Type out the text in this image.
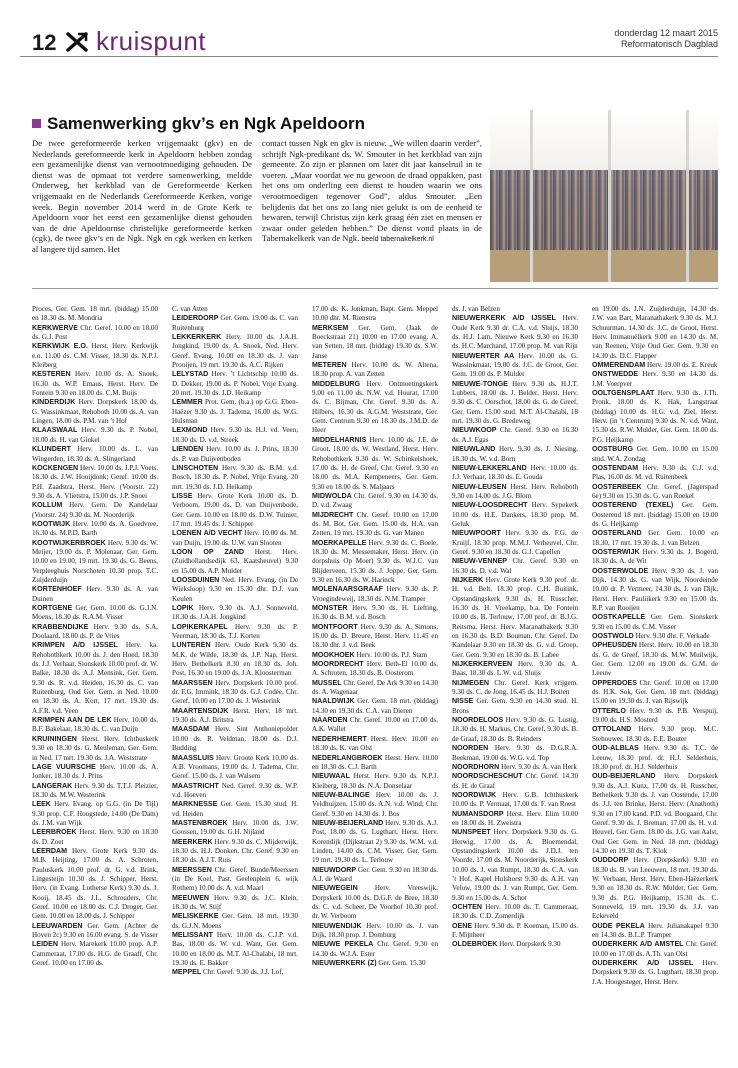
12 kruispunt	donderdag 12 maart 2015
Reformatorisch Dagblad
Samenwerking gkv’s en Ngk Apeldoorn
De twee gereformeerde kerken vrijgemaakt (gkv) en de Nederlands gereformeerde kerk in Apeldoorn hebben zondag een gezamenlijke dienst van vernootmoediging gehouden. De dienst was de opmaat tot verdere samenwerking, meldde Onderweg, het kerkblad van de Gereformeerde Kerken vrijgemaakt en de Nederlands Gereformeerde Kerken, vorige week. Begin november 2014 werd in de Grote Kerk te Apeldoorn voor het eerst een gezamenlijke dienst gehouden van de drie Apeldoornse christelijke gereformeerde kerken (cgk), de twee gkv’s en de Ngk. Ngk en cgk werken en kerken al langere tijd samen. Het
contact tussen Ngk en gkv is nieuw. „We willen daarin verder”, schrijft Ngk-predikant ds. W. Smouter in het kerkblad van zijn gemeente. Zo zijn er plannen om later dit jaar kanselruil in te voeren. „Maar voordat we nu gewoon de draad oppakken, past het ons om onderling een dienst te houden waarin we ons verootmoedigen tegenover God”, aldus Smouter. „Een belijdenis dat het ons zo lang niet gelukt is om de eenheid te bewaren, terwijl Christus zijn kerk graag één ziet en mensen er zwaar onder geleden hebben.” De dienst vond plaats in de Tabernakelkerk van de Ngk. beeld tabernakelkerk.nl

Proces, Ger. Gem. 18 mrt. (biddag) 15.00 en 18.30 ds. M. Mondria

KERKWERVE Chr. Geref. 10.00 en 18.00 ds. G.J. Post

KERKWIJK E.O. Herst. Herv. Kerkwijk e.o. 11.00 ds. C.M. Visser, 18.30 ds. N.P.J. Kleiberg

KESTEREN Herv. 10.00 ds. A. Snoek, 16.30 ds. W.P. Emaus, Herst. Herv. De Fontein 9.30 en 18.00 ds. C.M. Buijs

KINDERDIJK Herv. Dorpskerk 18.00 ds. G. Wassinkmaat, Rehoboth 10.00 ds. A. van Lingen, 18.00 ds. P.M. van ’t Hof

KLAASWAAL Herv. 9.30 ds. P. Nobel, 18.00 ds. H. van Ginkel

KLUNDERT Herv. 10.00 ds. L. van Wingerden, 18.30 ds. A. Slingerland

KOCKENGEN Herv. 10.00 ds. J.P.J. Voets, 18.30 ds. J.W. Hooijdonk; Geref. 10.00 ds. P.H. Zaadstra, Herst. Herv. (Voorstr. 22) 9.30 ds. A. Vlietstra, 15.00 ds. J.P. Snoei

KOLLUM Herv. Gem. De Kandelaar (Voorstr. 24) 9.30 ds. M. Noorderijk

KOOTWIJK Herv. 10.00 ds. A. Goedvree, 16.30 ds. M.P.D. Barth

KOOTWIJKERBROEK Herv. 9.30 ds. W. Meijer, 19.00 ds. P. Molenaar, Ger. Gem. 10.00 en 19.00, 19 mrt. 19.30 ds. G. Beens, Verpleeghuis Norschoten 10.30 prop. T.C. Zuijderduijn

KORTENHOEF Herv. 9.30 ds. A. van Duinen

KORTGENE Ger. Gem. 10.00 ds. G.J.N. Moens, 18.30 ds. R.A.M. Visser

KRABBENDIJKE Herv. 9.30 ds. S.A. Doolaard, 18.00 ds. P. de Vries

KRIMPEN A/D IJSSEL Herv. ka. Rehobothkerk 10.00 ds. J. den Hoed, 18.30 ds. J.J. Verhaar, Sionskerk 10.00 prof. dr. W. Balke, 18.30 ds. A.J. Mensink, Ger. Gem. 9.30 ds. R. v.d. Heiden, 16.30 ds. C. van Ruitenburg, Oud Ger. Gem. in Ned. 10.00 en 18.30 ds. A. Kort, 17 mrt. 19.30 ds. A.F.R. v.d. Veen

KRIMPEN AAN DE LEK Herv. 10.00 ds. B.F. Bakelaar, 18.30 ds. C. van Duijn

KRUININGEN Herst. Herv. Ichthuskerk 9.30 en 18.30 ds. G. Meuleman, Ger. Gem. in Ned. 17 mrt. 19.30 ds. J.A. Weststrate

LAGE VUURSCHE Herv. 10.00 ds. A. Jonker, 18.30 ds. J. Prins

LANGERAK Herv. 9.30 ds. T.T.J. Pleizier, 18.30 ds. M.W. Westerink

LEEK Herv. Evang. op G.G. (in De Tijl) 9.30 prop. C.F. Hoogstede, 14.00 (De Dam) ds. J.M. van Wijk

LEERBROEK Herst. Herv. 9.30 en 18.30 ds. D. Zoet

LEERDAM Herv. Grote Kerk 9.30 ds. M.B. Heijting, 17.00 ds. A. Schroten, Pauluskerk 10.00 prof. dr. G. v.d. Brink, Lingesteijn 10.30 ds. J. Schipper, Herst. Herv. (in Evang. Lutherse Kerk) 9.30 ds. J. Kooij, 18.45 ds. J.L. Schreuders, Chr. Geref. 10.00 en 18.00 ds. C.J. Droger, Ger. Gem. 10.00 en 18.00 ds. J. Schipper

LEEUWARDEN Ger. Gem. (Achter de Hoven 2c) 9.30 en 16.00 evang. S. de Visser

LEIDEN Herv. Marekerk 10.00 prop. A.P. Cammeraat, 17.00 ds. H.G. de Graaff, Chr. Geref. 10.00 en 17.00 ds.

C. van Atten

LEIDERDORP Ger. Gem. 19.00 ds. C. van Ruitenburg

LEKKERKERK Herv. 10.00 ds. J.A.H. Jongkind, 19.00 ds. A. Snoek, Ned. Herv. Geref. Evang. 10.00 en 18.30 ds. J. van Prooijen, 19 mrt. 19.30 ds. A.C. Rijken

LELYSTAD Herv. ’t Lichtschip 10.00 ds. D. Dekker, 19.00 ds. P. Nobel, Vrije Evang. 20 mrt. 19.30 ds. J.D. Heikamp

LEMMER Prot. Gem. (b.a.) op G.G. Eben-Haëzer 9.30 ds. J. Tadema, 16.00 ds. W.G. Hulsman

LEXMOND Herv. 9.30 ds. H.J. vd. Veen, 18.30 ds. D. v.d. Streek

LIENDEN Herv. 10.00 ds. J. Prins, 18.30 ds. P. van Duijvenboden

LINSCHOTEN Herv. 9.30 ds. B.M. v.d. Bosch, 18.30 ds. P. Nobel, Vrije Evang. 20 mrt. 19.30 ds. J.D. Heikamp

LISSE Herv. Grote Kerk 10.00 ds. D. Verboom, 19.00 ds. D. van Duijvenbode, Ger. Gem. 10.00 en 18.00 ds. D.W. Tuinier, 17 mrt. 19.45 ds. J. Schipper

LOENEN A/D VECHT Herv. 10.00 ds. M. van Duijn, 19.00 ds. U.W. van Slooten

LOON OP ZAND Herst. Herv. (Zuidhollandsedijk 63, Kaatsheuvel) 9.30 en 15.00 ds. A.P. Mulder

LOOSDUINEN Ned. Herv. Evang. (in De Wieksloop) 9.30 en 15.30 dhr. D.J. van Keulen

LOPIK Herv. 9.30 ds. A.J. Sonneveld, 18.30 ds. J.A.H. Jongkind

LOPIKERKAPEL Herv. 9.30 ds. P. Veerman, 18.30 ds. T.J. Korten

LUNTEREN Herv. Oude Kerk 9.30 ds. M.K. de Wilde, 18.30 ds. J.P. Nap, Herst. Herv. Bethelkerk 8.30 en 18.30 ds. Joh. Post, 16.30 en 19.00 ds. J.A. Kloosterman

MAARSSEN Herv. Dorpskerk 10.00 prof. dr. F.G. Immink, 18.30 ds. G.J. Codée, Chr. Geref. 10.00 en 17.00 ds. J. Westerink

MAARTENSDIJK Herst. Herv. 18 mrt. 19.30 ds. A.J. Britstra

MAASDAM Herv. Sint Anthoniepolder 10.00 ds. R. Veldman, 18.00 ds. D.J. Budding

MAASSLUIS Herv. Groote Kerk 10.00 ds. A.B. Vroomans, 19.00 ds. J. Tadema, Chr. Geref. 15.00 ds. J. van Walsem

MAASTRICHT Ned. Geref. 9.30 ds. W.P. v.d. Hoeven

MARKNESSE Ger. Gem. 15.30 stud. H. vd. Heiden

MASTENBROEK Herv. 10.00 ds. J.W. Goossen, 19.00 ds. G.H. Nijland

MEERKERK Herv. 9.30 ds. C. Mijderwijk, 18.30 ds. H.J. Donken, Chr. Geref. 9.30 en 18.30 ds. A.J.T. Ruis

MEERSSEN Chr. Geref. Bunde/Meerssen (in De Koel, Past. Geelenplein 6, wijk Rothem) 10.00 ds. A. v.d. Maarl

MEEUWEN Herv. 9.30 ds. J.C. Klein, 18.30 ds. W. Stijf

MELISKERKE Ger. Gem. 18 mrt. 19.30 ds. G.J.N. Moens

MELISSANT Herv. 10.00 ds. C.J.P. v.d. Bas, 18.00 ds. W. v.d. Want, Ger. Gem. 10.00 en 18.00 ds. M.T. Al-Chalabi, 18 mrt. 19.30 ds. E. Bakker

MEPPEL Chr. Geref. 9.30 ds. J.J. Lof,

17.00 ds. K. Jonkman, Bapt. Gem. Meppel 10.00 dhr. M. Rienstra

MERKSEM Ger. Gem. (Jaak de Boeckstraat 21) 10.00 en 17.00 evang. A. van Setten, 18 mrt. (biddag) 19.30 ds. S.W. Janse

METEREN Herv. 10.00 ds. W. Altena, 18.30 prop. A. van Zetten

MIDDELBURG Herv. Ontmoetingskerk 9.00 en 11.00 ds. N.W. v.d. Hourat, 17.00 ds. C. Bijman, Chr. Geref. 9.30 ds. A. Hilbers, 16.30 ds. A.G.M. Weststrate, Ger. Gem. Centrum 9.30 en 18.30 ds. J.M.D. de Heer

MIDDELHARNIS Herv. 10.00 ds. J.E. de Groot, 18.00 ds. W. Westland, Herst. Herv. Rehobothkerk 9.30 ds. W. Schinkelshoek, 17.00 ds. H. de Greef, Chr. Geref. 9.30 en 18.00 ds. M.A. Kempeneers, Ger. Gem. 9.30 en 18.00 ds. S. Maljaars

MIDWOLDA Chr. Geref. 9.30 en 14.30 ds. D. v.d. Zwaag

MIJDRECHT Chr. Geref. 10.00 en 17.00 ds. M. Bot, Ger. Gem. 15.00 ds. H.A. van Zetten, 19 mrt. 19.30 ds. G. van Manen

MOERKAPELLE Herv. 9.30 ds. C. Boele, 18.30 ds. M. Messemaker, Herst. Herv. (in dorpshuis Op Moer) 9.30 ds. W.J.C. van Blijderveen, 15.30 ds. J. Joppe, Ger. Gem. 9.30 en 16.30 ds. W. Harinck

MOLENAARSGRAAF Herv. 9.30 ds. P. Vroegindeweij, 18.30 ds. N.M. Tramper

MONSTER Herv. 9.30 ds. H. Liefting, 16.30 ds. B.M. v.d. Bosch

MONTFOORT Herv. 9.30 ds. A. Simons, 16.00 ds. D. Breure, Herst. Herv. 11.45 en 18.30 dhr. J. v.d. Beek

MOOKHOEK Herv. 10.00 ds. P.J. Stam

MOORDRECHT Herv. Beth-El 10.00 ds. A. Schroten, 18.30 ds. B. Oosterom

MUSSEL Chr. Geref. De Ark 9.30 en 14.30 ds. A. Wagenaar

NAALDWIJK Ger. Gem. 18 mrt. (biddag) 14.30 en 19.30 ds. C.A. van Dieren

NAARDEN Chr. Geref. 10.00 en 17.00 ds. A.K. Wallet

NEDERHEMERT Herst. Herv. 10.00 en 18.30 ds. K. van Olst

NEDERLANGBROEK Herst. Herv. 10.00 en 18.30 ds. C.J. Barth

NIEUWAAL Herst. Herv. 9.30 ds. N.P.J. Kleiberg, 18.30 ds. N.A. Donselaar

NIEUW-BALINGE Herv. 10.00 ds. J. Veldhuijzen, 15.00 ds. A.N. v.d. Wind, Chr. Geref. 9.30 en 14.30 ds. J. Bos

NIEUW-BEIJERLAND Herv. 9.30 ds. A.J. Post, 18.00 ds. G. Lugthart, Herst. Herv. Korendijk (Dijkstraat 2) 9.30 ds. W.M. v.d. Linden, 14.00 ds. C.M. Visser, Ger. Gem. 19 mrt. 19.30 ds. L. Terlouw

NIEUWDORP Ger. Gem. 9.30 en 18.30 ds. A.J. de Waard

NIEUWEGEIN Herv. Vreeswijk, Dorpskerk 10.00 ds. D.G.F. de Bree, 18.30 ds. C. v.d. Scheer, De Voorhof 10.30 prof. dr. W. Verboom

NIEUWENDIJK Herv. 10.00 ds. J. van Dijk, 18.30 prop. J. Domburg

NIEUWE PEKELA Chr. Geref. 9.30 en 14.30 ds. W.J.A. Ester

NIEUWERKERK (Z) Ger. Gem. 15.30

ds. J. van Belzen

NIEUWERKERK A/D IJSSEL Herv. Oude Kerk 9.30 dr. C.A. v.d. Sluijs, 18.30 ds. H.J. Lam, Nieuwe Kerk 9.30 en 16.30 ds. H.C. Marchand, 17.00 prop. M. van Rijn

NIEUWERTER AA Herv. 10.00 ds. G. Wassinkmaat, 19.00 ds. J.C. de Groot, Ger. Gem. 19.00 ds. P. Mulder

NIEUWE-TONGE Herv. 9.30 ds. H.J.T. Lubbers, 18.00 ds. J. Belder, Herst. Herv. 9.30 ds. C. Oorschot, 18.00 ds. G. de Greef, Ger. Gem. 15.00 stud. M.T. Al-Chalabi, 18 mrt. 19.30 ds. G. Bredeweg

NIEUWKOOP Chr. Geref. 9.30 en 16.30 ds. A.J. Egas

NIEUWLAND Herv. 9.30 ds. J. Niesing, 18.30 ds. W. v.d. Born

NIEUW-LEKKERLAND Herv. 10.00 ds. J.J. Verhaar, 18.30 ds. E. Gouda

NIEUW-LEUSEN Herst. Herv. Rehoboth 9.30 en 14.00 ds. J.G. Blom

NIEUW-LOOSDRECHT Herv. Sypekerk 10.00 ds. H.E. Dankers, 18.30 prop. M. Geluk

NIEUWPOORT Herv. 9.30 ds. F.G. de Kruijf, 18.30 prop. M.M.J. Verheuvel, Chr. Geref. 9.30 en 18.30 ds. G.J. Capellen

NIEUW-VENNEP Chr. Geref. 9.30 en 16.30 ds. D. v.d. Wal

NIJKERK Herv. Grote Kerk 9.30 prof. dr. H. v.d. Belt, 18.30 prop. C.H. Buitink, Opstandingskerk 9.30 ds. H. Russcher, 16.30 ds. H. Vreekamp, b.a. De Fontein 10.00 ds. B. Terlouw, 17.00 prof. dr. B.J.G. Reitsma, Herst. Herv. Maranathakerk 9.30 en 16.30 ds. B.D. Bouman, Chr. Geref. De Kandelaar 9.30 en 18.30 ds. G. v.d. Groep, Ger. Gem. 9.30 en 18.30 ds. B. Labee

NIJKERKERVEEN Herv. 9.30 ds. A. Baas, 18.30 ds. L.W. v.d. Sluijs

NIJMEGEN Chr. Geref. Kerk vrijgem. 9.30 ds. C. de Jong, 16.45 ds. H.J. Boiten

NISSE Ger. Gem. 9.30 en 14.30 stud. H. Brons

NOORDELOOS Herv. 9.30 ds. G. Lustig, 18.30 ds. H. Markus, Chr. Geref. 9.30 ds. B. de Graaf, 18.30 ds. B. Reinders

NOORDEN Herv. 9.30 ds. D.G.R.A. Beekman, 19.00 ds. W.G. v.d. Top

NOORDHORN Herv. 9.30 ds. A. van Herk

NOORDSCHESCHUT Chr. Geref. 14.30 ds. H. de Graaf

NOORDWIJK Herv. G.B. Ichthuskerk 10.00 ds. P. Vermaat, 17.00 ds. F. van Roest

NUMANSDORP Herst. Herv. Elim 10.00 en 18.00 ds. H. Zweistra

NUNSPEET Herv. Dorpskerk 9.30 ds. G. Herwig, 17.00 ds. A. Bloemendal, Opstandingskerk 10.00 ds. J.D.J. ten Voorde, 17.00 ds. M. Noorderijk, Sionskerk 10.00 ds. J. van Rumpt, 18.30 ds. C.A. van ’t Hof, Kapel Hulshorst 9.30 ds. A.H. van Veluw, 19.00 ds. J. van Rumpt, Ger. Gem. 9.30 en 15.00 ds. A. Schot

OCHTEN Herv. 10.00 ds. T. Cammeraat, 18.30 ds. C.D. Zomerdijk

OENE Herv. 9.30 ds. P. Koeman, 15.00 ds. F. Mijnheer

OLDEBROEK Herv. Dorpskerk 9.30

en 19.00 ds. J.N. Zuijderduijn, 14.30 ds. J.W. van Bart, Maranathakerk 9.30 ds. M.J. Schuurman, 14.30 ds. J.C. de Groot, Herst. Herv. Immanuëlkerk 9.00 en 14.30 ds. M. van Reenen, Vrije Oud Ger. Gem. 9.30 en 14.30 ds. D.C. Flapper

OMMERENDAM Herv. 19.00 ds. E. Kreuk

ONSTWEDDE Herv. 9.30 en 14.30 ds. J.M. Voerpver

OOLTGENSPLAAT Herv. 9.30 ds. J.Th. Pronk, 18.00 ds. K. Hak, Langstraat (biddag) 10.00 ds. H.G. v.d. Ziel, Herst. Herv. (in ’t Centrum) 9.30 ds. N. v.d. Want, 15.30 ds. R.W. Mulder, Ger. Gem. 18.00 ds. P.G. Heijkamp

OOSTBURG Ger. Gem. 10.00 en 15.00 stud. W.A. Zondag

OOSTENDAM Herv. 9.30 ds. C.J. v.d. Plas, 16.00 ds. M. vd. Ruitenbeek

OOSTERBEEK Chr. Geref. (Jagerspad 6e) 9.30 en 15.30 ds. G. van Roekel

OOSTEREND (TEXEL) Ger. Gem. Oosterend 18 mrt. (biddag) 15.00 en 19.00 ds. G. Heijkamp

OOSTERLAND Ger. Gem. 10.00 en 18.30, 17 mrt. 19.30 ds. J. van Belzen

OOSTERWIJK Herv. 9.30 ds. J. Bogerd, 18.30 ds. A. de Wit

OOSTERWOLDE Herv. 9.30 ds. J. van Dijk, 14.30 ds. G. van Wijk, Noordeinde 10.00 dr. P. Vermeer, 14.30 ds. J. van Dijk, Herst. Herv. Pauliikerk 9.30 en 15.00 ds. R.P. van Rooijen

OOSTKAPELLE Ger. Gem. Sionskerk 9.30 en 15.00 ds. C.M. Visser

OOSTWOLD Herv. 9.30 dhr. F. Verkade

OPHEUSDEN Herst. Herv. 10.00 en 18.30 ds. G. de Greef, 18.30 ds. M.W. Muilwijk, Ger. Gem. 12.00 en 19.00 ds. G.M. de Leeuw

OPPERDOES Chr. Geref. 10.00 en 17.00 ds. H.K. Sok, Ger. Gem. 18 mrt. (biddag) 15.00 en 19.30 ds. J. van Rijswijk

OTTERLO Herv. 9.30 ds. P.B. Verspuij, 19.00 ds. H.S. Mosterd

OTTOLAND Herv. 9.30 prop. M.C. Stehouwer, 18.30 ds. E.E. Bouter

OUD-ALBLAS Herv. 9.30 ds. T.C. de Leeuw, 18.30 prof. dr. H.J. Selderhuis, 18.30 prof. dr. H.J. Selderhuis

OUD-BEIJERLAND Herv. Dorpskerk 9.30 ds. A.J. Kunz, 17.00 ds. H. Russcher, Bethelkerk 9.30 ds. J. van Oostende, 17.00 ds. J.J. ten Brinke, Herst. Herv. (Anathoth) 9.30 en 17.00 kand. P.D. vd. Boogaard, Chr. Geref. 9.30 ds. J. Breman, 17.00 ds. H. v.d. Heuvel, Ger. Gem. 18.00 ds. J.G. van Aalst, Oud Ger. Gem. in Ned. 18 mrt. (biddag) 14.30 en 19.30 ds. T. Klok

OUDDORP Herv. (Dorpskerk) 9.30 en 18.30 ds. B. van Leeuwen, 18 mrt. 19.30 ds. W. Verbaan, Herst. Herv. Eben-Haëzerkerk 9.30 en 18.30 ds. R.W. Mulder, Ger. Gem. 9.30 ds. P.G. Heijkamp, 15.30 ds. C. Sonneveld, 19 mrt. 19.30 ds. J.J. van Eckeveld

OUDE PEKELA Herv. Julianakapel 9.30 en 14.30 ds. B.L.P. Tramper

OUDERKERK A/D AMSTEL Chr. Geref. 10.00 en 17.00 ds. A.Th. van Olst

OUDERKERK A/D IJSSEL Herv. Dorpskerk 9.30 ds. G. Lugthart, 18.30 prop. J.A. Hoogesteger, Herst. Herv.
